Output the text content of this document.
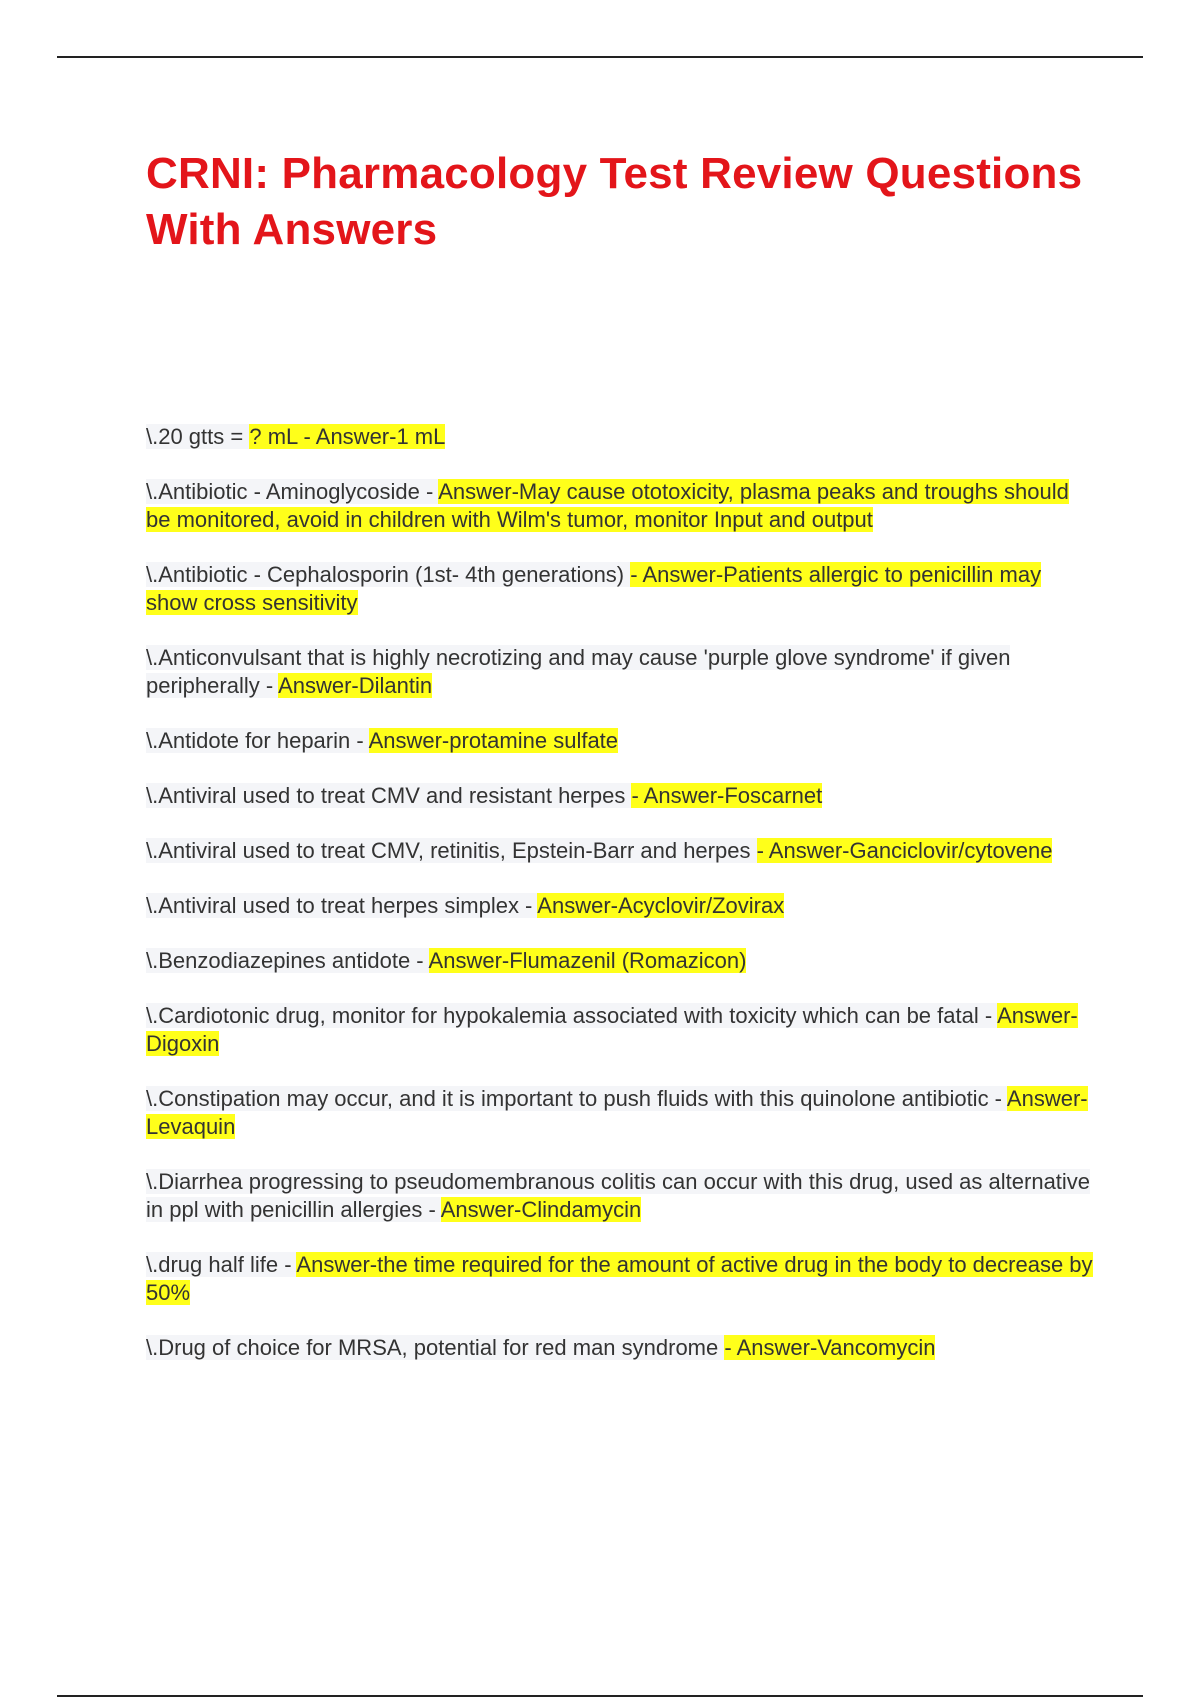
CRNI: Pharmacology Test Review Questions With Answers
\.20 gtts = ? mL - Answer-1 mL
\.Antibiotic - Aminoglycoside - Answer-May cause ototoxicity, plasma peaks and troughs should be monitored, avoid in children with Wilm's tumor, monitor Input and output
\.Antibiotic - Cephalosporin (1st- 4th generations) - Answer-Patients allergic to penicillin may show cross sensitivity
\.Anticonvulsant that is highly necrotizing and may cause 'purple glove syndrome' if given peripherally - Answer-Dilantin
\.Antidote for heparin - Answer-protamine sulfate
\.Antiviral used to treat CMV and resistant herpes - Answer-Foscarnet
\.Antiviral used to treat CMV, retinitis, Epstein-Barr and herpes - Answer-Ganciclovir/cytovene
\.Antiviral used to treat herpes simplex - Answer-Acyclovir/Zovirax
\.Benzodiazepines antidote - Answer-Flumazenil (Romazicon)
\.Cardiotonic drug, monitor for hypokalemia associated with toxicity which can be fatal - Answer-Digoxin
\.Constipation may occur, and it is important to push fluids with this quinolone antibiotic - Answer-Levaquin
\.Diarrhea progressing to pseudomembranous colitis can occur with this drug, used as alternative in ppl with penicillin allergies - Answer-Clindamycin
\.drug half life - Answer-the time required for the amount of active drug in the body to decrease by 50%
\.Drug of choice for MRSA, potential for red man syndrome - Answer-Vancomycin
